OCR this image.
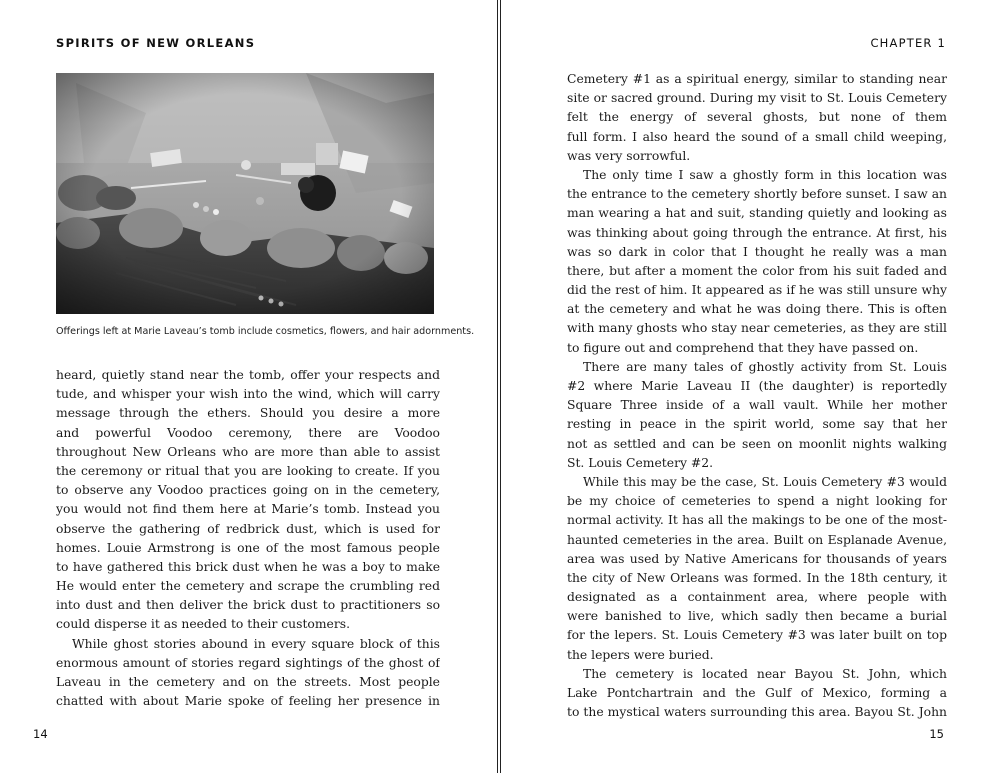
SPIRITS OF NEW ORLEANS
Offerings left at Marie Laveau’s tomb include cosmetics, flowers, and hair adornments.
heard, quietly stand near the tomb, offer your respects and
tude, and whisper your wish into the wind, which will carry
message through the ethers. Should you desire a more
and powerful Voodoo ceremony, there are Voodoo
throughout New Orleans who are more than able to assist
the ceremony or ritual that you are looking to create. If you
to observe any Voodoo practices going on in the cemetery,
you would not find them here at Marie’s tomb. Instead you
observe the gathering of redbrick dust, which is used for
homes. Louie Armstrong is one of the most famous people
to have gathered this brick dust when he was a boy to make
He would enter the cemetery and scrape the crumbling red
into dust and then deliver the brick dust to practitioners so
could disperse it as needed to their customers.
While ghost stories abound in every square block of this
enormous amount of stories regard sightings of the ghost of
Laveau in the cemetery and on the streets. Most people
chatted with about Marie spoke of feeling her presence in
14
CHAPTER 1
Cemetery #1 as a spiritual energy, similar to standing near
site or sacred ground. During my visit to St. Louis Cemetery
felt the energy of several ghosts, but none of them
full form. I also heard the sound of a small child weeping,
was very sorrowful.
The only time I saw a ghostly form in this location was
the entrance to the cemetery shortly before sunset. I saw an
man wearing a hat and suit, standing quietly and looking as
was thinking about going through the entrance. At first, his
was so dark in color that I thought he really was a man
there, but after a moment the color from his suit faded and
did the rest of him. It appeared as if he was still unsure why
at the cemetery and what he was doing there. This is often
with many ghosts who stay near cemeteries, as they are still
to figure out and comprehend that they have passed on.
There are many tales of ghostly activity from St. Louis
#2 where Marie Laveau II (the daughter) is reportedly
Square Three inside of a wall vault. While her mother
resting in peace in the spirit world, some say that her
not as settled and can be seen on moonlit nights walking
St. Louis Cemetery #2.
While this may be the case, St. Louis Cemetery #3 would
be my choice of cemeteries to spend a night looking for
normal activity. It has all the makings to be one of the most-
haunted cemeteries in the area. Built on Esplanade Avenue,
area was used by Native Americans for thousands of years
the city of New Orleans was formed. In the 18th century, it
designated as a containment area, where people with
were banished to live, which sadly then became a burial
for the lepers. St. Louis Cemetery #3 was later built on top
the lepers were buried.
The cemetery is located near Bayou St. John, which
Lake Pontchartrain and the Gulf of Mexico, forming a
to the mystical waters surrounding this area. Bayou St. John
15
